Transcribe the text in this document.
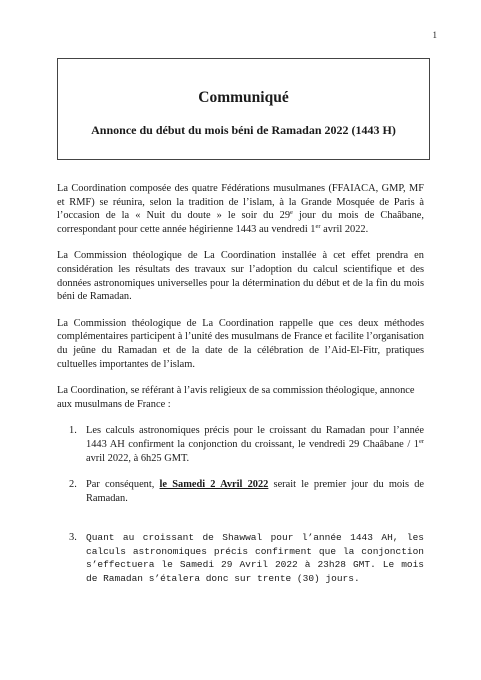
1
Communiqué
Annonce du début du mois béni de Ramadan 2022 (1443 H)

La Coordination composée des quatre Fédérations musulmanes (FFAIACA, GMP, MF et RMF) se réunira, selon la tradition de l’islam, à la Grande Mosquée de Paris à l’occasion de la « Nuit du doute » le soir du 29e jour du mois de Chaâbane, correspondant pour cette année hégirienne 1443 au vendredi 1er avril 2022.

La Commission théologique de La Coordination installée à cet effet prendra en considération les résultats des travaux sur l’adoption du calcul scientifique et des données astronomiques universelles pour la détermination du début et de la fin du mois béni de Ramadan.

La Commission théologique de La Coordination rappelle que ces deux méthodes complémentaires participent à l’unité des musulmans de France et facilite l’organisation du jeûne du Ramadan et de la date de la célébration de l’Aid-El-Fitr, pratiques cultuelles importantes de l’islam.

La Coordination, se référant à l’avis religieux de sa commission théologique, annonce aux musulmans de France :

1. Les calculs astronomiques précis pour le croissant du Ramadan pour l’année 1443 AH confirment la conjonction du croissant, le vendredi 29 Chaâbane / 1er avril 2022, à 6h25 GMT.
2. Par conséquent, le Samedi 2 Avril 2022 serait le premier jour du mois de Ramadan.
3. Quant au croissant de Shawwal pour l’année 1443 AH, les calculs astronomiques précis confirment que la conjonction s’effectuera le Samedi 29 Avril 2022 à 23h28 GMT. Le mois de Ramadan s’étalera donc sur trente (30) jours.
